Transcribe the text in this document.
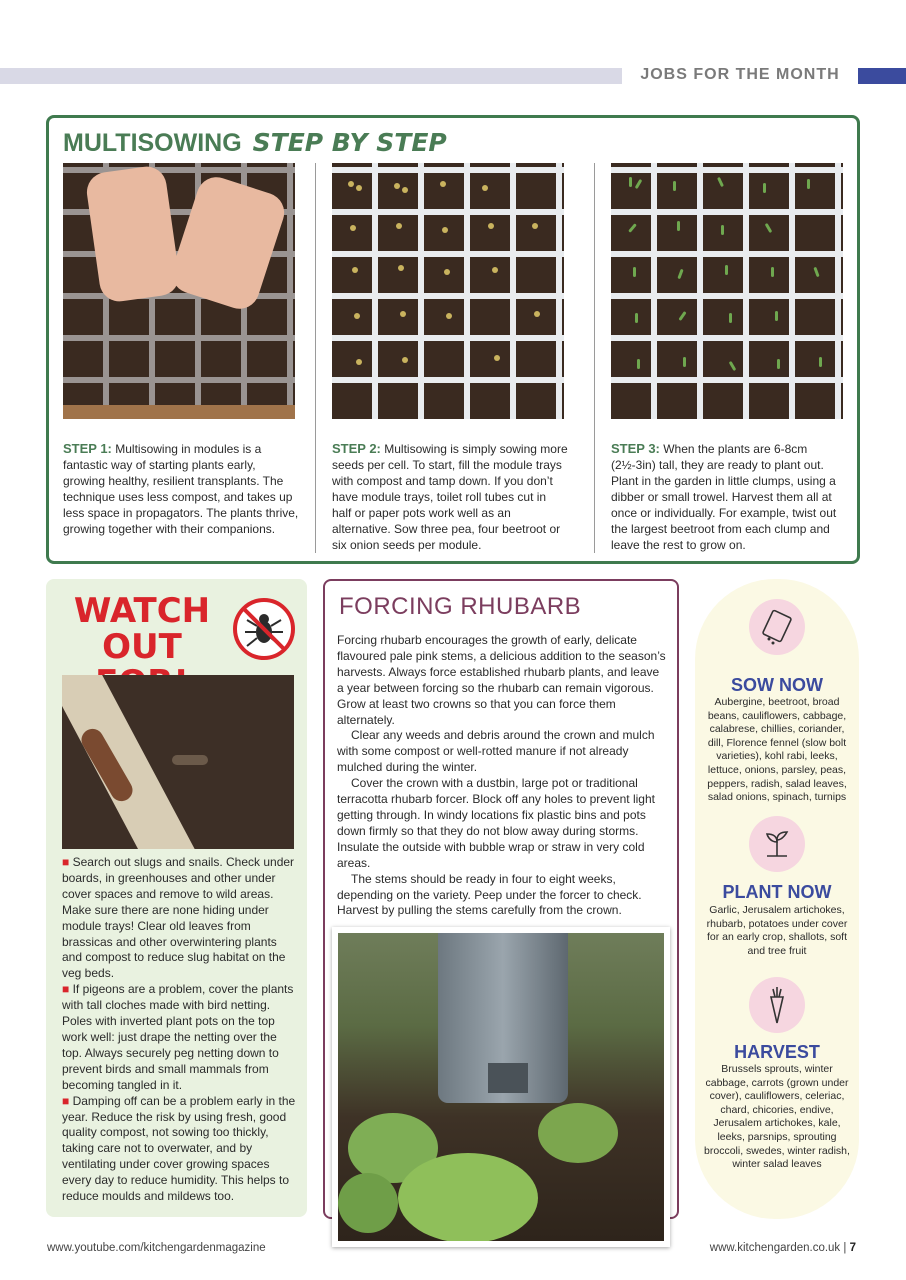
JOBS FOR THE MONTH
MULTISOWING STEP BY STEP
STEP 1: Multisowing in modules is a fantastic way of starting plants early, growing healthy, resilient transplants. The technique uses less compost, and takes up less space in propagators. The plants thrive, growing together with their companions.
STEP 2: Multisowing is simply sowing more seeds per cell. To start, fill the module trays with compost and tamp down. If you don’t have module trays, toilet roll tubes cut in half or paper pots work well as an alternative. Sow three pea, four beetroot or six onion seeds per module.
STEP 3: When the plants are 6-8cm (2½-3in) tall, they are ready to plant out. Plant in the garden in little clumps, using a dibber or small trowel. Harvest them all at once or individually. For example, twist out the largest beetroot from each clump and leave the rest to grow on.
WATCH
OUT
■ Search out slugs and snails. Check under boards, in greenhouses and other under cover spaces and remove to wild areas. Make sure there are none hiding under module trays! Clear old leaves from brassicas and other overwintering plants and compost to reduce slug habitat on the veg beds.
■ If pigeons are a problem, cover the plants with tall cloches made with bird netting. Poles with inverted plant pots on the top work well: just drape the netting over the top. Always securely peg netting down to prevent birds and small mammals from becoming tangled in it.
■ Damping off can be a problem early in the year. Reduce the risk by using fresh, good quality compost, not sowing too thickly, taking care not to overwater, and by ventilating under cover growing spaces every day to reduce humidity. This helps to reduce moulds and mildews too.
FORCING RHUBARB

Forcing rhubarb encourages the growth of early, delicate flavoured pale pink stems, a delicious addition to the season’s harvests. Always force established rhubarb plants, and leave a year between forcing so the rhubarb can remain vigorous. Grow at least two crowns so that you can force them alternately.

Clear any weeds and debris around the crown and mulch with some compost or well-rotted manure if not already mulched during the winter.

Cover the crown with a dustbin, large pot or traditional terracotta rhubarb forcer. Block off any holes to prevent light getting through. In windy locations fix plastic bins and pots down firmly so that they do not blow away during storms. Insulate the outside with bubble wrap or straw in very cold areas.

The stems should be ready in four to eight weeks, depending on the variety. Peep under the forcer to check. Harvest by pulling the stems carefully from the crown.

SOW NOW
Aubergine, beetroot, broad beans, cauliflowers, cabbage, calabrese, chillies, coriander, dill, Florence fennel (slow bolt varieties), kohl rabi, leeks, lettuce, onions, parsley, peas, peppers, radish, salad leaves, salad onions, spinach, turnips
PLANT NOW
Garlic, Jerusalem artichokes, rhubarb, potatoes under cover for an early crop, shallots, soft and tree fruit
HARVEST
Brussels sprouts, winter cabbage, carrots (grown under cover), cauliflowers, celeriac, chard, chicories, endive, Jerusalem artichokes, kale, leeks, parsnips, sprouting broccoli, swedes, winter radish, winter salad leaves
www.youtube.com/kitchengardenmagazine	www.kitchengarden.co.uk | 7
